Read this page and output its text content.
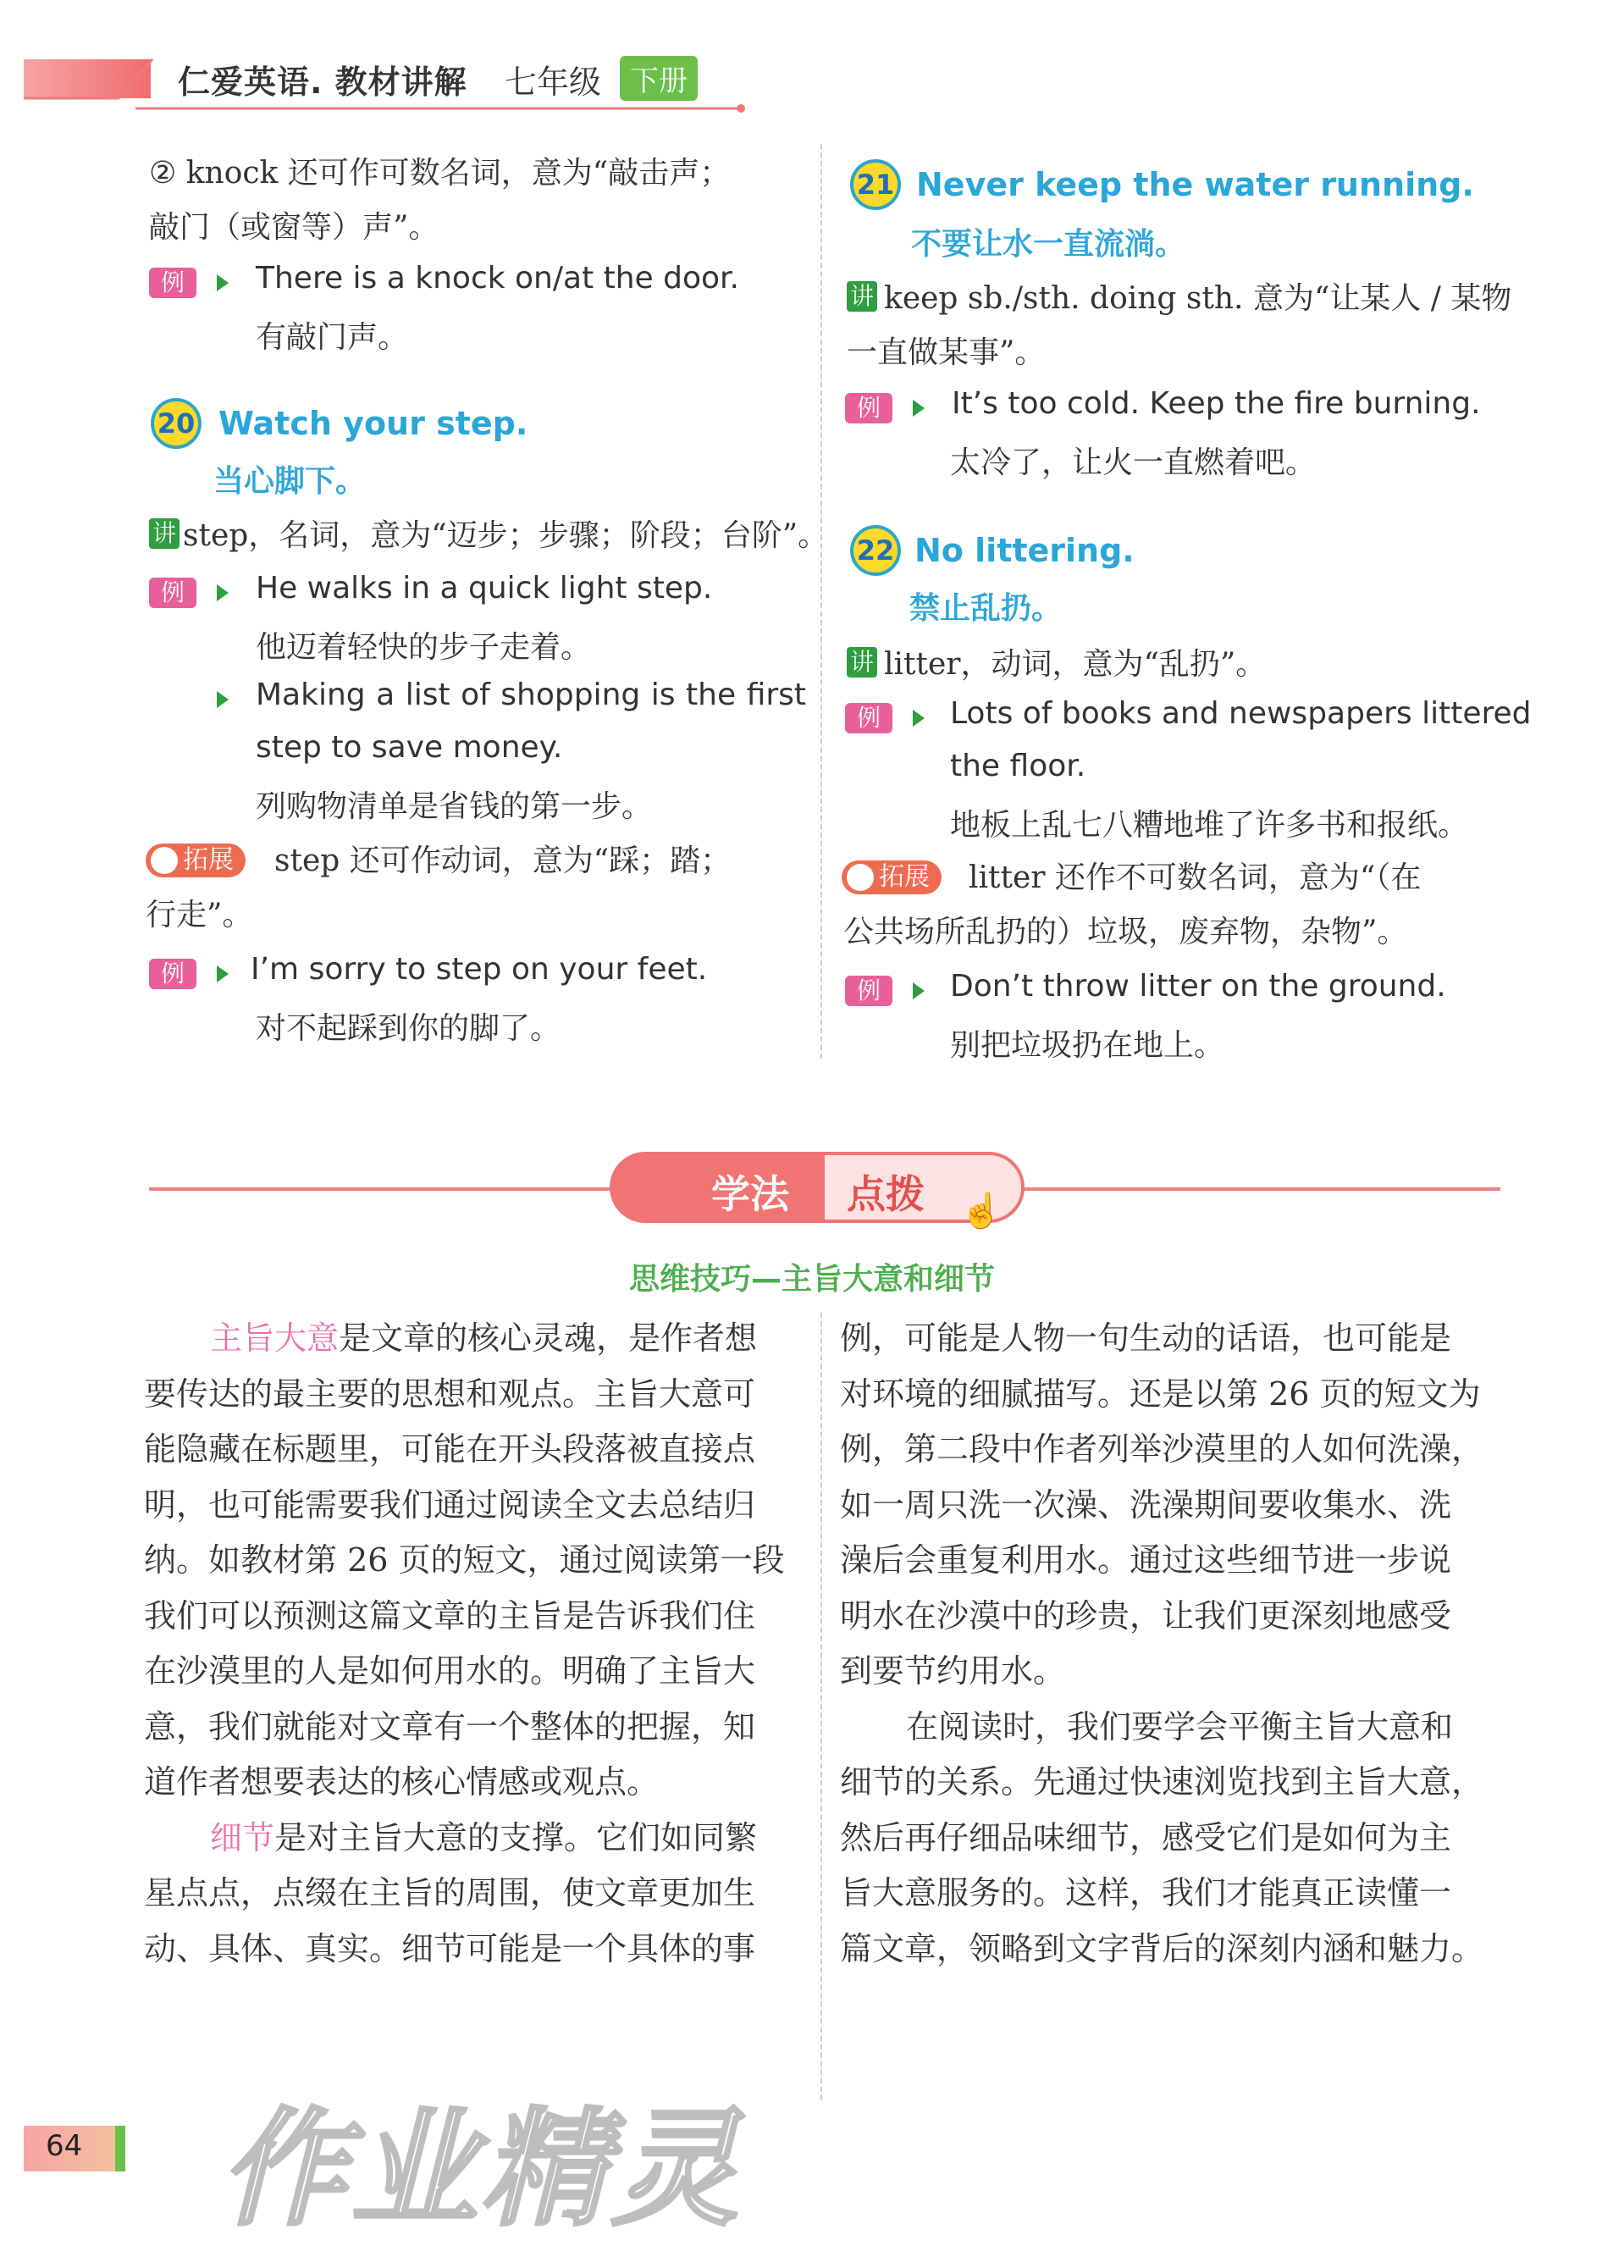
仁爱英语. 教材讲解 七年级 下册
② knock 还可作可数名词，意为“敲击声；
敲门（或窗等）声”。
例	There is a knock on/at the door.
有敲门声。
20 Watch your step.
当心脚下。
讲 step，名词，意为“迈步；步骤；阶段；台阶”。
例	He walks in a quick light step.
他迈着轻快的步子走着。
Making a list of shopping is the first
step to save money.
列购物清单是省钱的第一步。
拓展	step 还可作动词，意为“踩；踏；
行走”。
例	I’m sorry to step on your feet.
对不起踩到你的脚了。
21 Never keep the water running.
不要让水一直流淌。
讲 keep sb./sth. doing sth. 意为“让某人 / 某物
一直做某事”。
例	It’s too cold. Keep the fire burning.
太冷了，让火一直燃着吧。
22 No littering.
禁止乱扔。
讲 litter，动词，意为“乱扔”。
例	Lots of books and newspapers littered
the floor.
地板上乱七八糟地堆了许多书和报纸。
拓展	litter 还作不可数名词，意为“（在
公共场所乱扔的）垃圾，废弃物，杂物”。
例	Don’t throw litter on the ground.
别把垃圾扔在地上。
学法 点拨 ☝
思维技巧—主旨大意和细节
主旨大意是文章的核心灵魂，是作者想
要传达的最主要的思想和观点。主旨大意可
能隐藏在标题里，可能在开头段落被直接点
明，也可能需要我们通过阅读全文去总结归
纳。如教材第 26 页的短文，通过阅读第一段
我们可以预测这篇文章的主旨是告诉我们住
在沙漠里的人是如何用水的。明确了主旨大
意，我们就能对文章有一个整体的把握，知
道作者想要表达的核心情感或观点。
细节是对主旨大意的支撑。它们如同繁
星点点，点缀在主旨的周围，使文章更加生
动、具体、真实。细节可能是一个具体的事
例，可能是人物一句生动的话语，也可能是
对环境的细腻描写。还是以第 26 页的短文为
例，第二段中作者列举沙漠里的人如何洗澡，
如一周只洗一次澡、洗澡期间要收集水、洗
澡后会重复利用水。通过这些细节进一步说
明水在沙漠中的珍贵，让我们更深刻地感受
到要节约用水。
在阅读时，我们要学会平衡主旨大意和
细节的关系。先通过快速浏览找到主旨大意，
然后再仔细品味细节，感受它们是如何为主
旨大意服务的。这样，我们才能真正读懂一
篇文章，领略到文字背后的深刻内涵和魅力。
64 作业精灵
